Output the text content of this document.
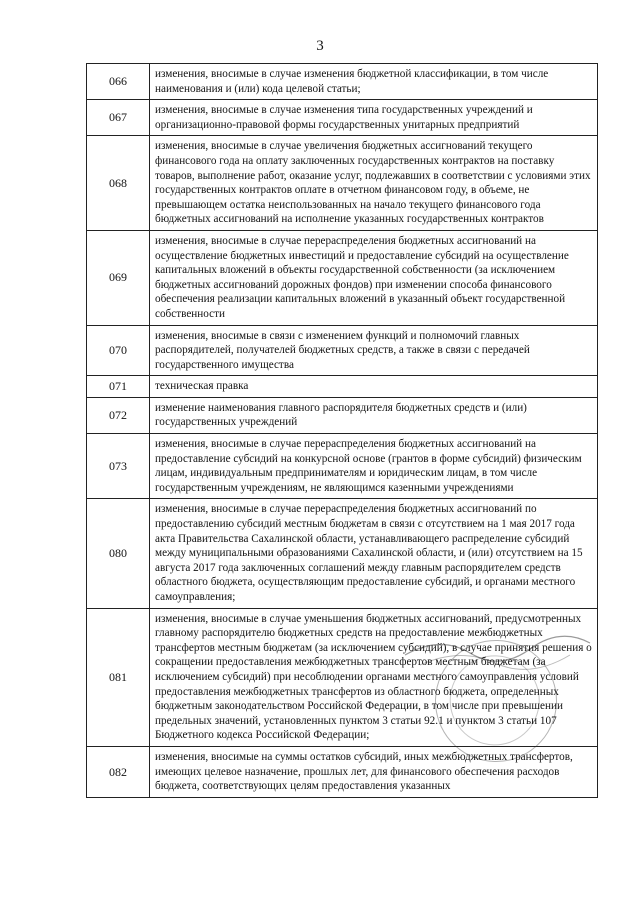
3
066	изменения, вносимые в случае изменения бюджетной классификации, в том числе наименования и (или) кода целевой статьи;
067	изменения, вносимые в случае изменения типа государственных учреждений и организационно-правовой формы государственных унитарных предприятий
068	изменения, вносимые в случае увеличения бюджетных ассигнований текущего финансового года на оплату заключенных государственных контрактов на поставку товаров, выполнение работ, оказание услуг, подлежавших в соответствии с условиями этих государственных контрактов оплате в отчетном финансовом году, в объеме, не превышающем остатка неиспользованных на начало текущего финансового года бюджетных ассигнований на исполнение указанных государственных контрактов
069	изменения, вносимые в случае перераспределения бюджетных ассигнований на осуществление бюджетных инвестиций и предоставление субсидий на осуществление капитальных вложений в объекты государственной собственности (за исключением бюджетных ассигнований дорожных фондов) при изменении способа финансового обеспечения реализации капитальных вложений в указанный объект государственной собственности
070	изменения, вносимые в связи с изменением функций и полномочий главных распорядителей, получателей бюджетных средств, а также в связи с передачей государственного имущества
071	техническая правка
072	изменение наименования главного распорядителя бюджетных средств и (или) государственных учреждений
073	изменения, вносимые в случае перераспределения бюджетных ассигнований на предоставление субсидий на конкурсной основе (грантов в форме субсидий) физическим лицам, индивидуальным предпринимателям и юридическим лицам, в том числе государственным учреждениям, не являющимся казенными учреждениями
080	изменения, вносимые в случае перераспределения бюджетных ассигнований по предоставлению субсидий местным бюджетам в связи с отсутствием на 1 мая 2017 года акта Правительства Сахалинской области, устанавливающего распределение субсидий между муниципальными образованиями Сахалинской области, и (или) отсутствием на 15 августа 2017 года заключенных соглашений между главным распорядителем средств областного бюджета, осуществляющим предоставление субсидий, и органами местного самоуправления;
081	изменения, вносимые в случае уменьшения бюджетных ассигнований, предусмотренных главному распорядителю бюджетных средств на предоставление межбюджетных трансфертов местным бюджетам (за исключением субсидий), в случае принятия решения о сокращении предоставления межбюджетных трансфертов местным бюджетам (за исключением субсидий) при несоблюдении органами местного самоуправления условий предоставления межбюджетных трансфертов из областного бюджета, определенных бюджетным законодательством Российской Федерации, в том числе при превышении предельных значений, установленных пунктом 3 статьи 92.1 и пунктом 3 статьи 107 Бюджетного кодекса Российской Федерации;
082	изменения, вносимые на суммы остатков субсидий, иных межбюджетных трансфертов, имеющих целевое назначение, прошлых лет, для финансового обеспечения расходов бюджета, соответствующих целям предоставления указанных
